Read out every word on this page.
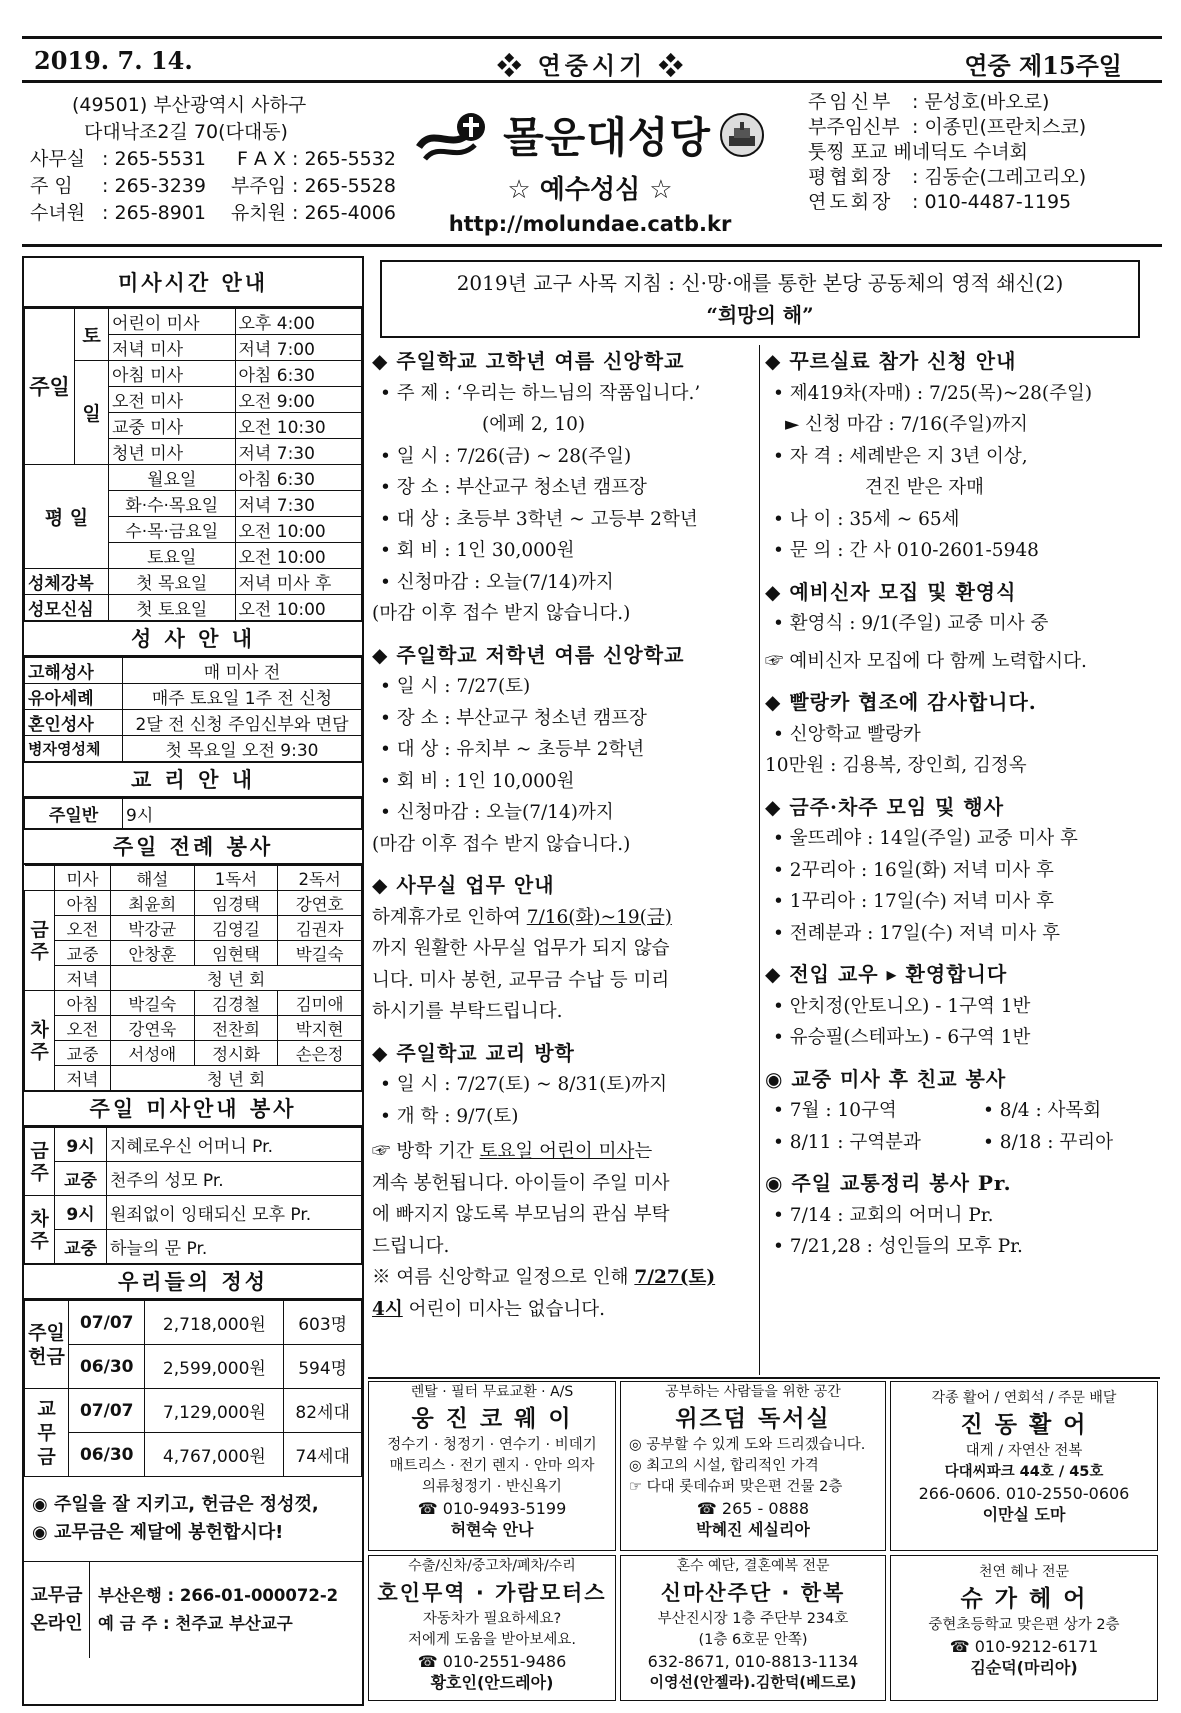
2019. 7. 14.	❖ 연중시기 ❖	연중 제15주일
(49501) 부산광역시 사하구
다대낙조2길 70(다대동)
사무실 : 265-5531 F A X : 265-5532
주 임 : 265-3239 부주임 : 265-5528
수녀원 : 265-8901 유치원 : 265-4006
몰운대성당
☆ 예수성심 ☆
http://molundae.catb.kr
주임신부 : 문성호(바오로)
부주임신부 : 이종민(프란치스코)
툿찡 포교 베네딕도 수녀회
평협회장 : 김동순(그레고리오)
연도회장 : 010-4487-1195
미사시간 안내
주일	토	어린이 미사	오후 4:00
		저녁 미사	저녁 7:00
	일	아침 미사	아침 6:30
		오전 미사	오전 9:00
		교중 미사	오전 10:30
		청년 미사	저녁 7:30
평 일		월요일	아침 6:30
		화·수·목요일	저녁 7:30
		수·목·금요일	오전 10:00
		토요일	오전 10:00
성체강복		첫 목요일	저녁 미사 후
성모신심		첫 토요일	오전 10:00
성 사 안 내
고해성사	매 미사 전
유아세례	매주 토요일 1주 전 신청
혼인성사	2달 전 신청 주임신부와 면담
병자영성체	첫 목요일 오전 9:30
교 리 안 내
주일반	9시
주일 전례 봉사
	미사	해설	1독서	2독서
금주	아침	최윤희	임경택	강연호
	오전	박강균	김영길	김권자
	교중	안창훈	임현택	박길숙
	저녁	청 년 회		
차주	아침	박길숙	김경철	김미애
	오전	강연욱	전찬희	박지현
	교중	서성애	정시화	손은정
	저녁	청 년 회		
주일 미사안내 봉사
금주	9시	지혜로우신 어머니 Pr.
	교중	천주의 성모 Pr.
차주	9시	원죄없이 잉태되신 모후 Pr.
	교중	하늘의 문 Pr.
우리들의 정성
주일
헌금	07/07	2,718,000원	603명
	06/30	2,599,000원	594명
교
무
금	07/07	7,129,000원	82세대
	06/30	4,767,000원	74세대
◉ 주일을 잘 지키고, 헌금은 정성껏,
◉ 교무금은 제달에 봉헌합시다!
교무금
온라인
부산은행 : 266-01-000072-2
예 금 주 : 천주교 부산교구
2019년 교구 사목 지침 : 신·망·애를 통한 본당 공동체의 영적 쇄신(2)
“희망의 해”
◆ 주일학교 고학년 여름 신앙학교
• 주 제 : ‘우리는 하느님의 작품입니다.’
(에페 2, 10)
• 일 시 : 7/26(금) ~ 28(주일)
• 장 소 : 부산교구 청소년 캠프장
• 대 상 : 초등부 3학년 ~ 고등부 2학년
• 회 비 : 1인 30,000원
• 신청마감 : 오늘(7/14)까지
(마감 이후 접수 받지 않습니다.)
◆ 주일학교 저학년 여름 신앙학교
• 일 시 : 7/27(토)
• 장 소 : 부산교구 청소년 캠프장
• 대 상 : 유치부 ~ 초등부 2학년
• 회 비 : 1인 10,000원
• 신청마감 : 오늘(7/14)까지
(마감 이후 접수 받지 않습니다.)
◆ 사무실 업무 안내
하계휴가로 인하여 7/16(화)~19(금)
까지 원활한 사무실 업무가 되지 않습
니다. 미사 봉헌, 교무금 수납 등 미리
하시기를 부탁드립니다.
◆ 주일학교 교리 방학
• 일 시 : 7/27(토) ~ 8/31(토)까지
• 개 학 : 9/7(토)
☞ 방학 기간 토요일 어린이 미사는
계속 봉헌됩니다. 아이들이 주일 미사
에 빠지지 않도록 부모님의 관심 부탁
드립니다.
※ 여름 신앙학교 일정으로 인해 7/27(토)
4시 어린이 미사는 없습니다.
◆ 꾸르실료 참가 신청 안내
• 제419차(자매) : 7/25(목)~28(주일)
► 신청 마감 : 7/16(주일)까지
• 자 격 : 세례받은 지 3년 이상,
견진 받은 자매
• 나 이 : 35세 ~ 65세
• 문 의 : 간 사 010-2601-5948
◆ 예비신자 모집 및 환영식
• 환영식 : 9/1(주일) 교중 미사 중
☞ 예비신자 모집에 다 함께 노력합시다.
◆ 빨랑카 협조에 감사합니다.
• 신앙학교 빨랑카
10만원 : 김용복, 장인희, 김정옥
◆ 금주·차주 모임 및 행사
• 울뜨레야 : 14일(주일) 교중 미사 후
• 2꾸리아 : 16일(화) 저녁 미사 후
• 1꾸리아 : 17일(수) 저녁 미사 후
• 전례분과 : 17일(수) 저녁 미사 후
◆ 전입 교우 ▸ 환영합니다
• 안치정(안토니오) - 1구역 1반
• 유승필(스테파노) - 6구역 1반
◉ 교중 미사 후 친교 봉사
• 7월 : 10구역	• 8/4 : 사목회
• 8/11 : 구역분과	• 8/18 : 꾸리아
◉ 주일 교통정리 봉사 Pr.
• 7/14 : 교회의 어머니 Pr.
• 7/21,28 : 성인들의 모후 Pr.
렌탈 · 필터 무료교환 · A/S
웅 진 코 웨 이
정수기 · 청정기 · 연수기 · 비데기
매트리스 · 전기 렌지 · 안마 의자
의류청정기 · 반신욕기
☎ 010-9493-5199
허현숙 안나
공부하는 사람들을 위한 공간
위즈덤 독서실
◎ 공부할 수 있게 도와 드리겠습니다.
◎ 최고의 시설, 합리적인 가격
☞ 다대 롯데슈퍼 맞은편 건물 2층
☎ 265 - 0888
박혜진 세실리아
각종 활어 / 연회석 / 주문 배달
진 동 활 어
대게 / 자연산 전복
다대씨파크 44호 / 45호
266-0606. 010-2550-0606
이만실 도마
수출/신차/중고차/폐차/수리
호인무역 · 가람모터스
자동차가 필요하세요?
저에게 도움을 받아보세요.
☎ 010-2551-9486
황호인(안드레아)
혼수 예단, 결혼예복 전문
신마산주단 · 한복
부산진시장 1층 주단부 234호
(1층 6호문 안쪽)
632-8671, 010-8813-1134
이영선(안젤라).김한덕(베드로)
천연 헤나 전문
슈 가 헤 어
중현초등학교 맞은편 상가 2층
☎ 010-9212-6171
김순덕(마리아)
